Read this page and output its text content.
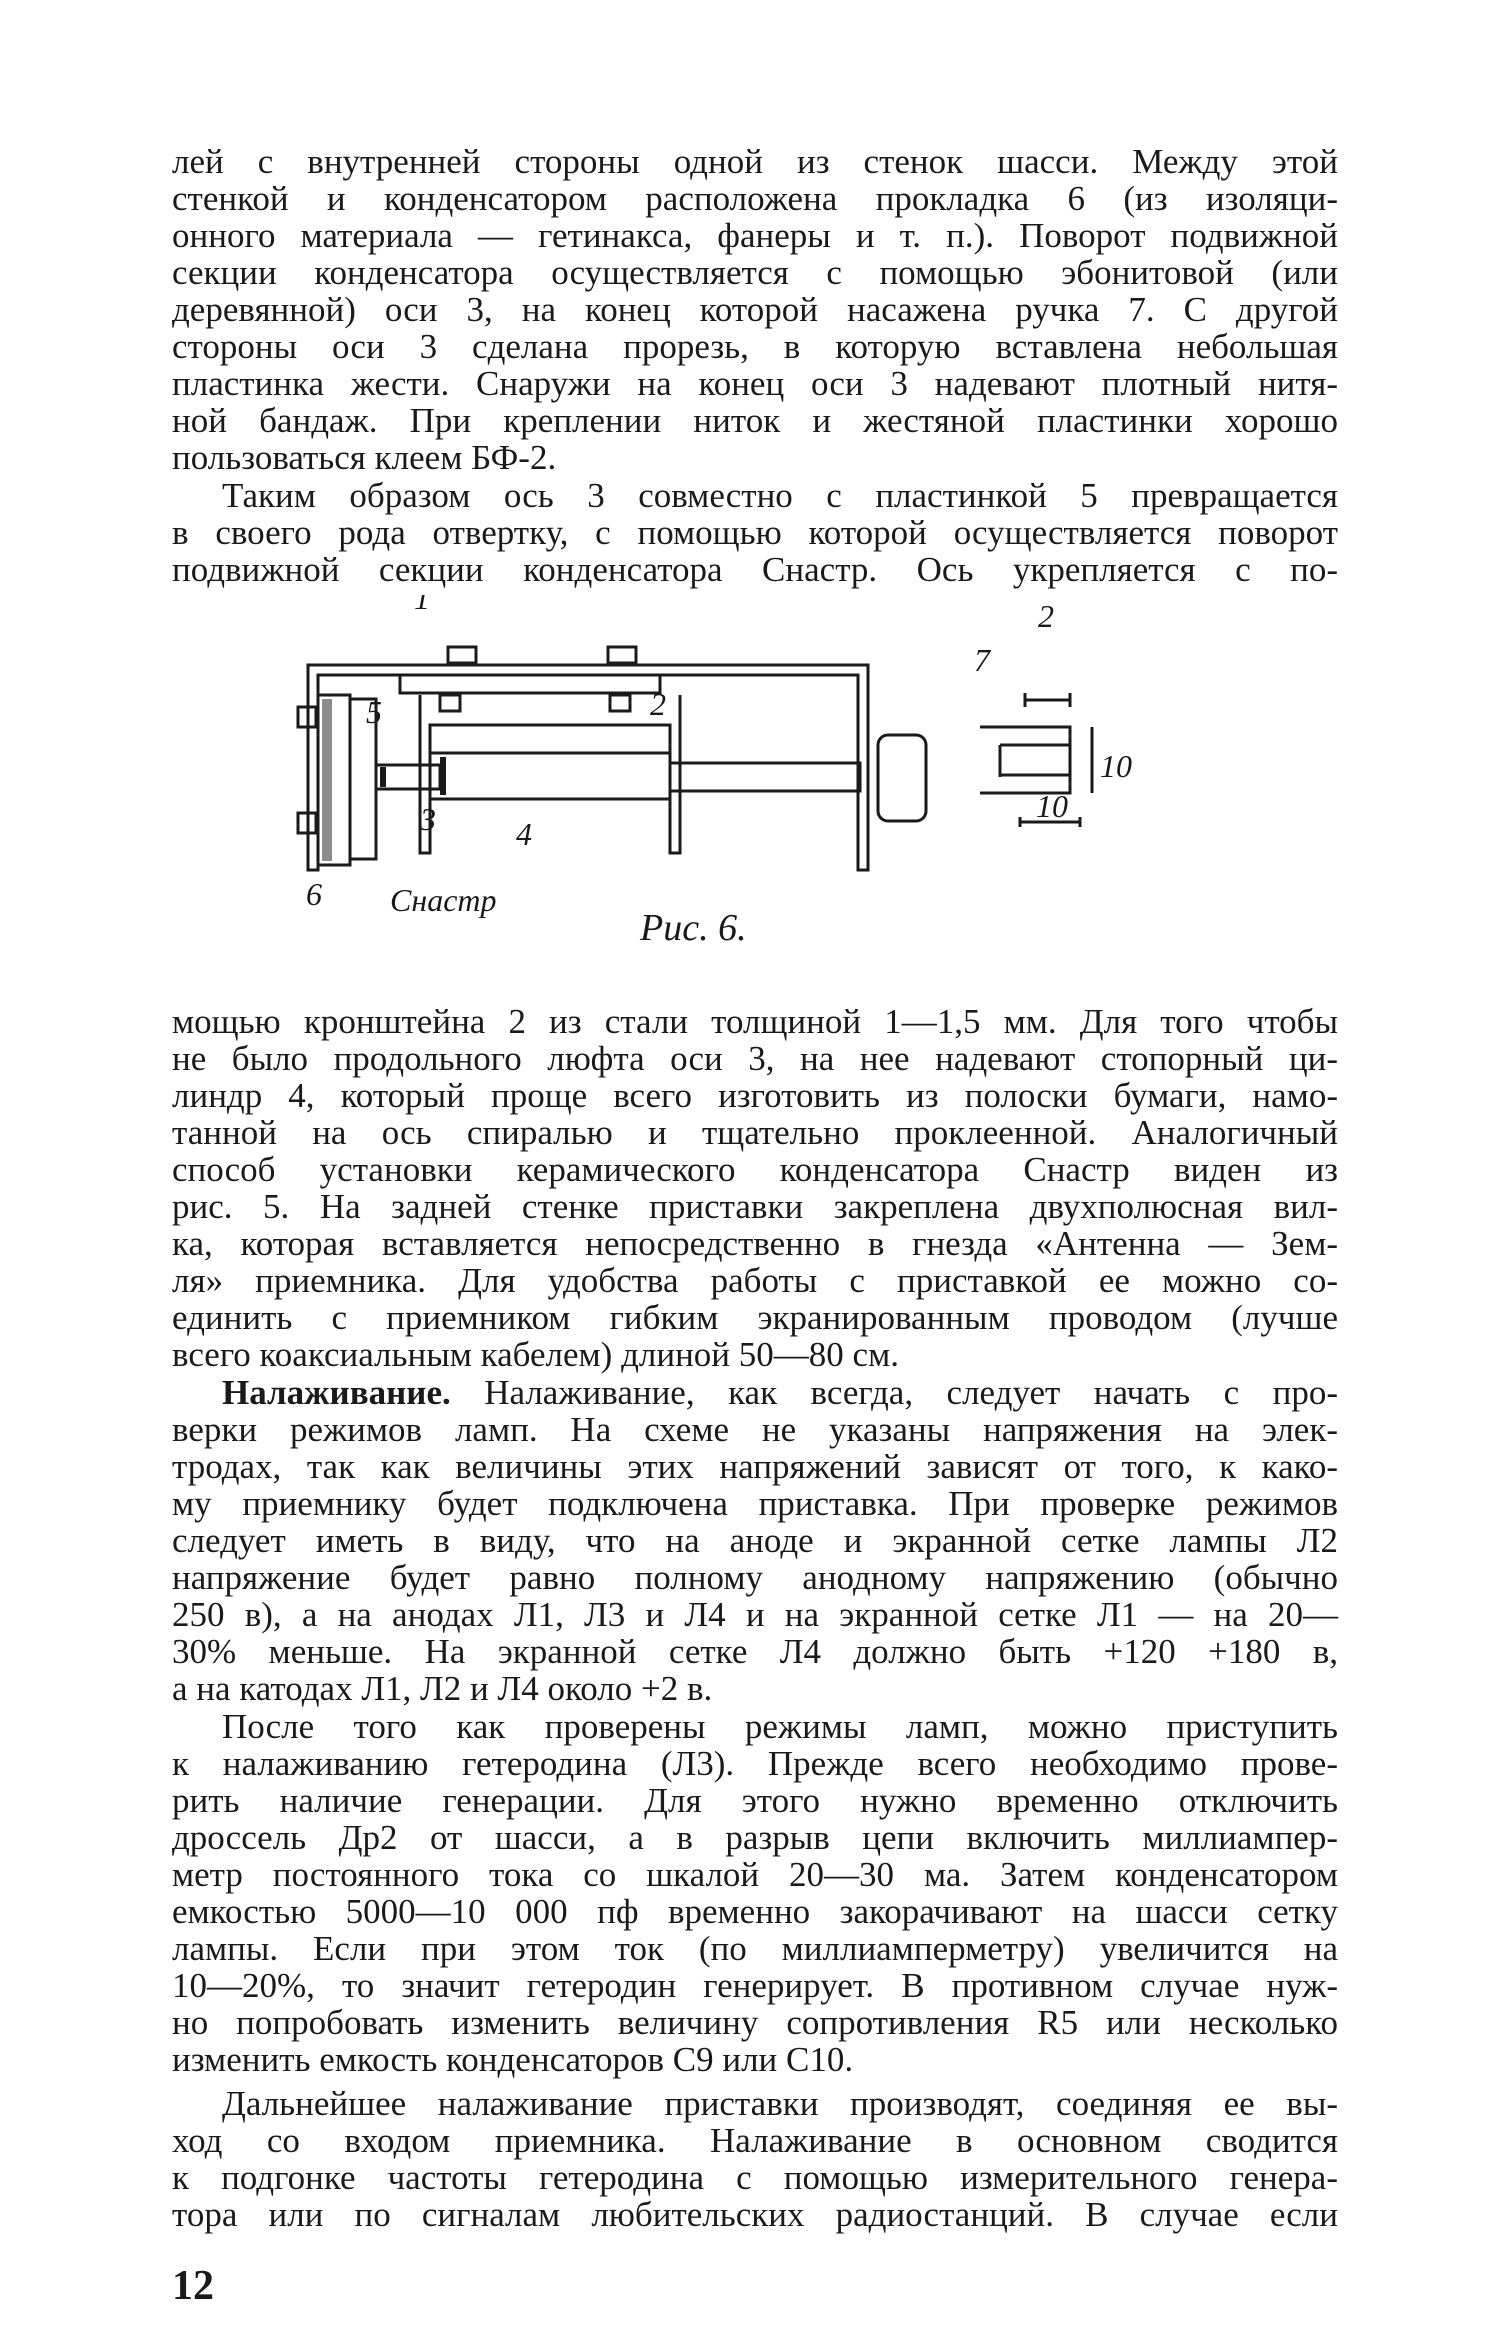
лей с внутренней стороны одной из стенок шасси. Между этой
стенкой и конденсатором расположена прокладка 6 (из изоляци-
онного материала — гетинакса, фанеры и т. п.). Поворот подвижной
секции конденсатора осуществляется с помощью эбонитовой (или
деревянной) оси 3, на конец которой насажена ручка 7. С другой
стороны оси 3 сделана прорезь, в которую вставлена небольшая
пластинка жести. Снаружи на конец оси 3 надевают плотный нитя-
ной бандаж. При креплении ниток и жестяной пластинки хорошо
пользоваться клеем БФ-2.
Таким образом ось 3 совместно с пластинкой 5 превращается
в своего рода отвертку, с помощью которой осуществляется поворот
подвижной секции конденсатора Cнастр. Ось укрепляется с по-
1
2
3	4
5
6
7
Cнастр
2
10
10
Рис. 6.
мощью кронштейна 2 из стали толщиной 1—1,5 мм. Для того чтобы
не было продольного люфта оси 3, на нее надевают стопорный ци-
линдр 4, который проще всего изготовить из полоски бумаги, намо-
танной на ось спиралью и тщательно проклеенной. Аналогичный
способ установки керамического конденсатора Cнастр виден из
рис. 5. На задней стенке приставки закреплена двухполюсная вил-
ка, которая вставляется непосредственно в гнезда «Антенна — Зем-
ля» приемника. Для удобства работы с приставкой ее можно со-
единить с приемником гибким экранированным проводом (лучше
всего коаксиальным кабелем) длиной 50—80 см.
Налаживание. Налаживание, как всегда, следует начать с про-
верки режимов ламп. На схеме не указаны напряжения на элек-
тродах, так как величины этих напряжений зависят от того, к како-
му приемнику будет подключена приставка. При проверке режимов
следует иметь в виду, что на аноде и экранной сетке лампы Л2
напряжение будет равно полному анодному напряжению (обычно
250 в), а на анодах Л1, Л3 и Л4 и на экранной сетке Л1 — на 20—
30% меньше. На экранной сетке Л4 должно быть +120 +180 в,
а на катодах Л1, Л2 и Л4 около +2 в.
После того как проверены режимы ламп, можно приступить
к налаживанию гетеродина (Л3). Прежде всего необходимо прове-
рить наличие генерации. Для этого нужно временно отключить
дроссель Др2 от шасси, а в разрыв цепи включить миллиампер-
метр постоянного тока со шкалой 20—30 ма. Затем конденсатором
емкостью 5000—10 000 пф временно закорачивают на шасси сетку
лампы. Если при этом ток (по миллиамперметру) увеличится на
10—20%, то значит гетеродин генерирует. В противном случае нуж-
но попробовать изменить величину сопротивления R5 или несколько
изменить емкость конденсаторов C9 или C10.
Дальнейшее налаживание приставки производят, соединяя ее вы-
ход со входом приемника. Налаживание в основном сводится
к подгонке частоты гетеродина с помощью измерительного генера-
тора или по сигналам любительских радиостанций. В случае если
12
